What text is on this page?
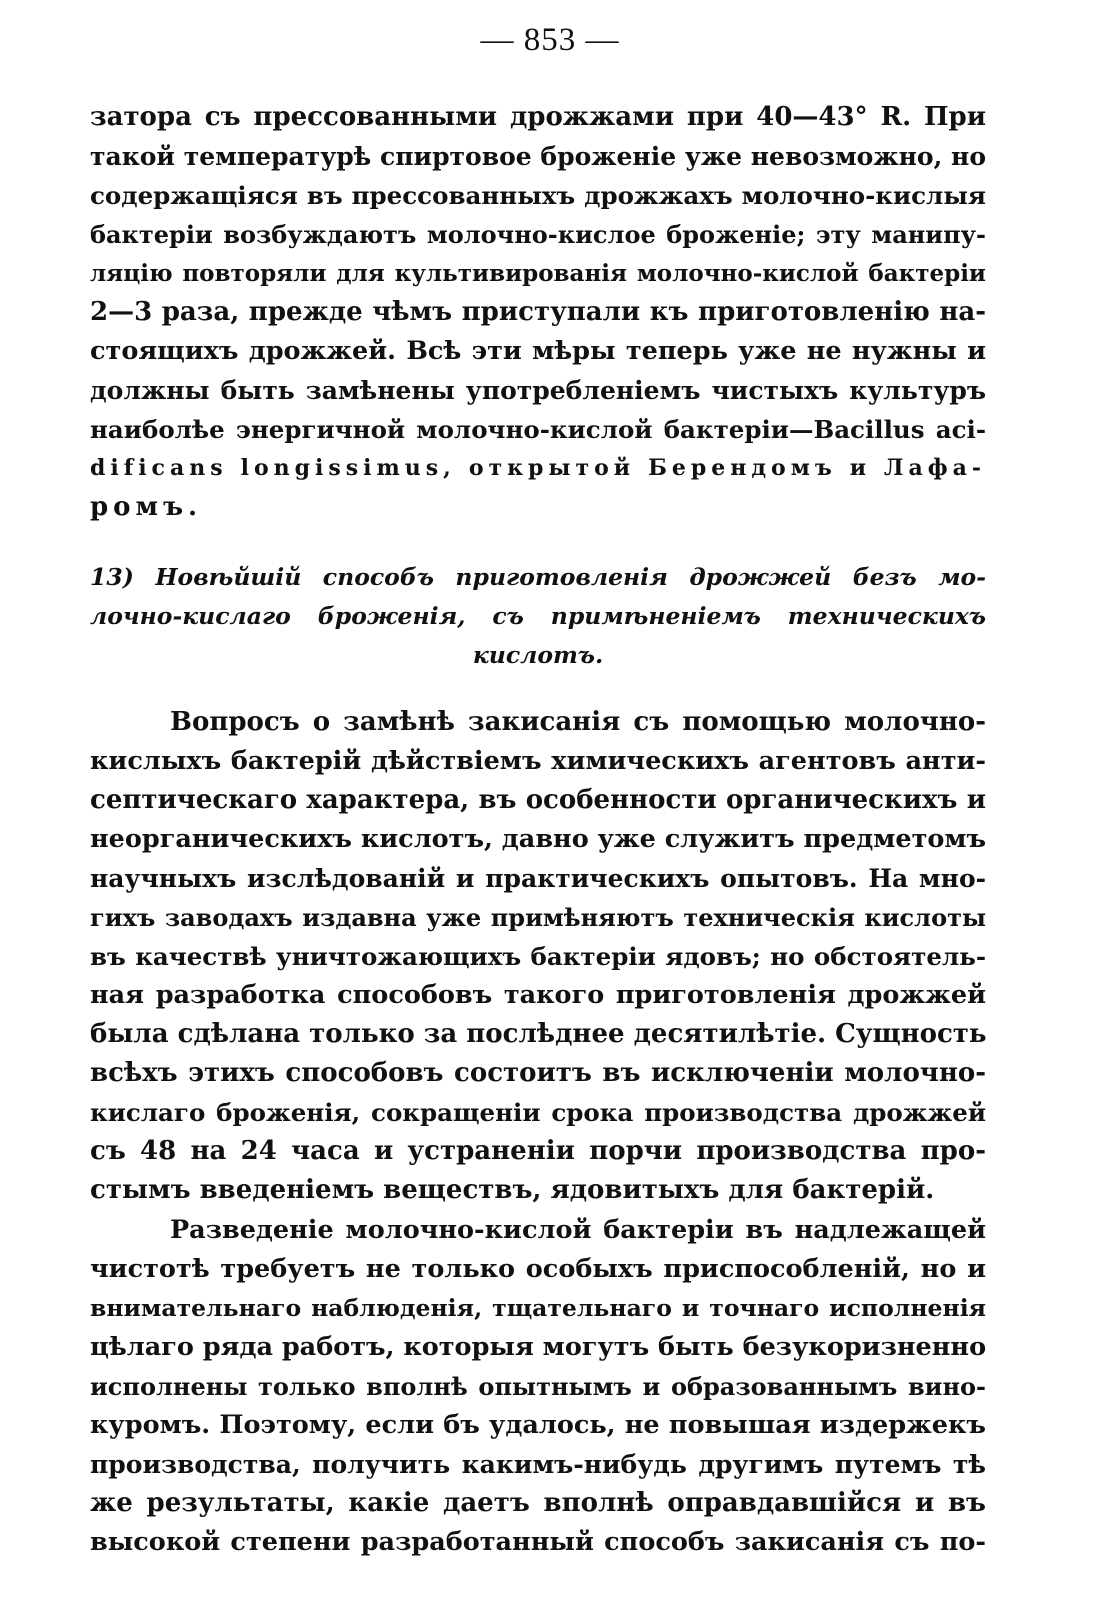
— 853 —
затора съ прессованными дрожжами при 40—43° R. При
такой температурѣ спиртовое броженіе уже невозможно, но
содержащіяся въ прессованныхъ дрожжахъ молочно-кислыя
бактеріи возбуждаютъ молочно-кислое броженіе; эту манипу-
ляцію повторяли для культивированія молочно-кислой бактеріи
2—3 раза, прежде чѣмъ приступали къ приготовленію на-
стоящихъ дрожжей. Всѣ эти мѣры теперь уже не нужны и
должны быть замѣнены употребленіемъ чистыхъ культуръ
наиболѣе энергичной молочно-кислой бактеріи—Bacillus aci-
dificans longissimus, открытой Берендомъ и Лафа-
ромъ.
13) Новѣйшій способъ приготовленія дрожжей безъ мо-
лочно-кислаго броженія, съ примѣненіемъ техническихъ
кислотъ.
Вопросъ о замѣнѣ закисанія съ помощью молочно-
кислыхъ бактерій дѣйствіемъ химическихъ агентовъ анти-
септическаго характера, въ особенности органическихъ и
неорганическихъ кислотъ, давно уже служитъ предметомъ
научныхъ изслѣдованій и практическихъ опытовъ. На мно-
гихъ заводахъ издавна уже примѣняютъ техническія кислоты
въ качествѣ уничтожающихъ бактеріи ядовъ; но обстоятель-
ная разработка способовъ такого приготовленія дрожжей
была сдѣлана только за послѣднее десятилѣтіе. Сущность
всѣхъ этихъ способовъ состоитъ въ исключеніи молочно-
кислаго броженія, сокращеніи срока производства дрожжей
съ 48 на 24 часа и устраненіи порчи производства про-
стымъ введеніемъ веществъ, ядовитыхъ для бактерій.
Разведеніе молочно-кислой бактеріи въ надлежащей
чистотѣ требуетъ не только особыхъ приспособленій, но и
внимательнаго наблюденія, тщательнаго и точнаго исполненія
цѣлаго ряда работъ, которыя могутъ быть безукоризненно
исполнены только вполнѣ опытнымъ и образованнымъ вино-
куромъ. Поэтому, если бъ удалось, не повышая издержекъ
производства, получить какимъ-нибудь другимъ путемъ тѣ
же результаты, какіе даетъ вполнѣ оправдавшійся и въ
высокой степени разработанный способъ закисанія съ по-
